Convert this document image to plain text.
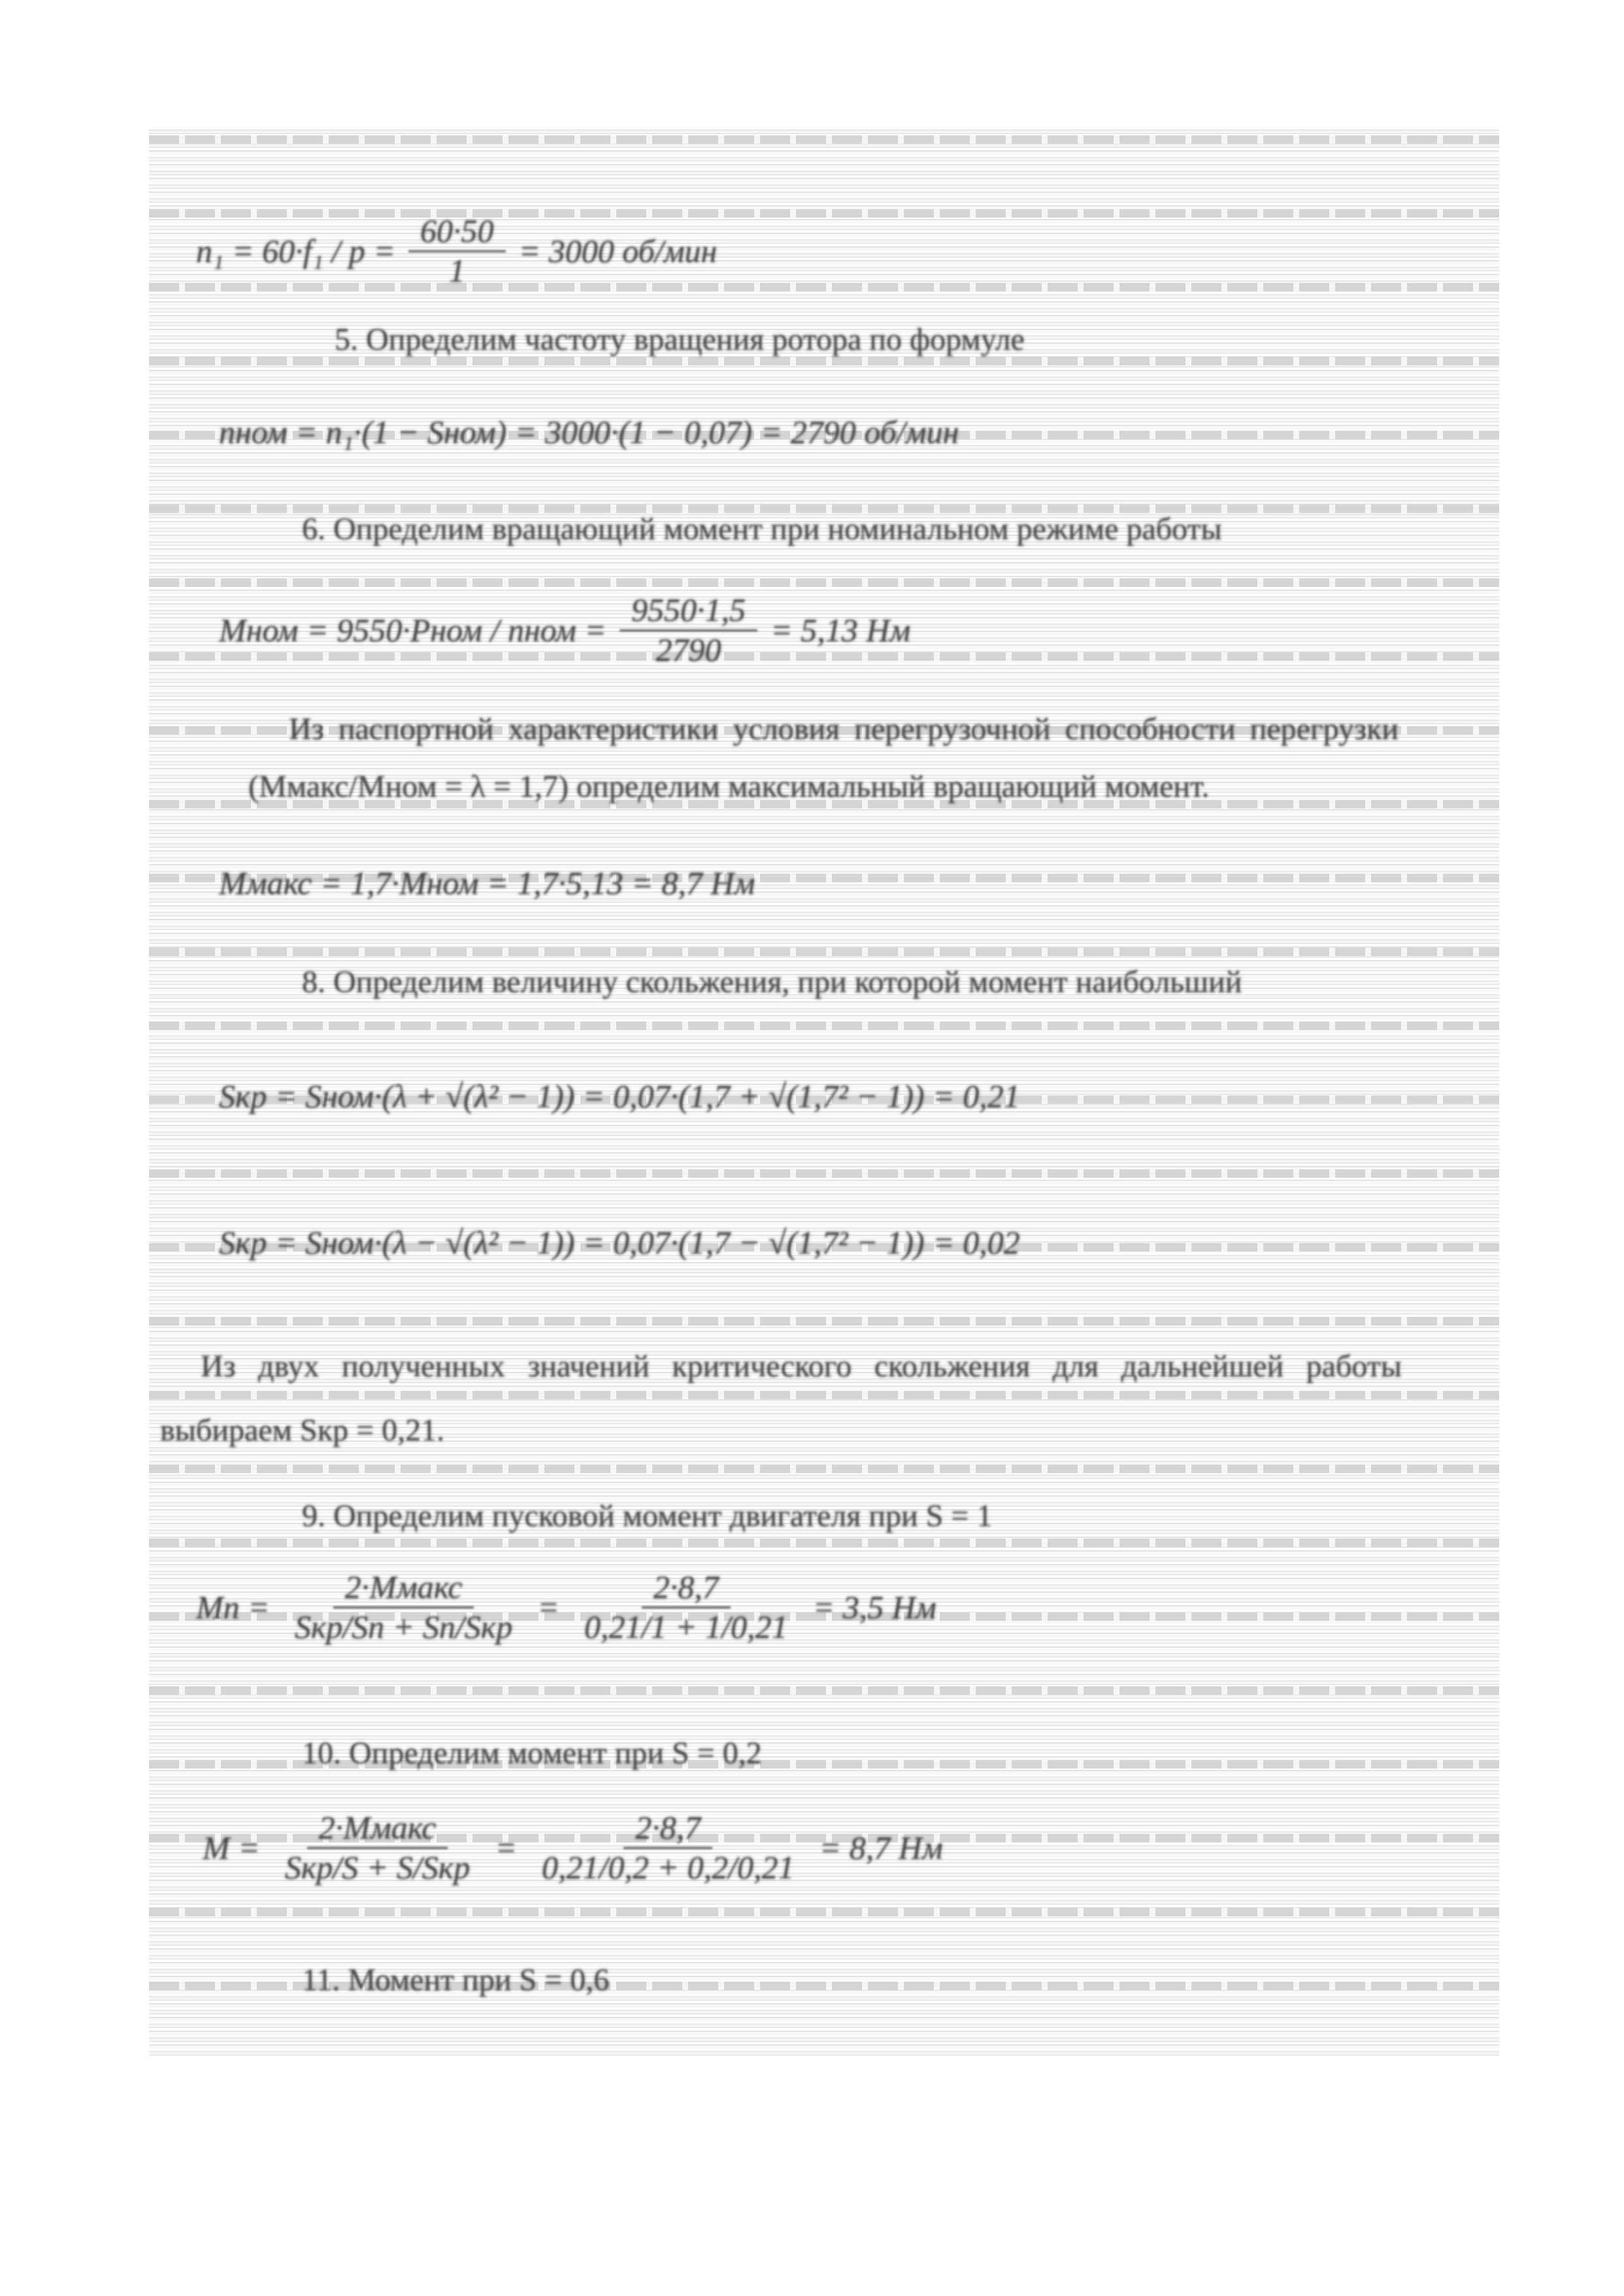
$n_1 = 60\cdot f_1 / p = \frac{60\cdot 50}{1} = 3000$ об/мин
5. Определим частоту вращения ротора по формуле
nном = n₁·(1 − Sном) = 3000·(1 − 0,07) = 2790 об/мин
6. Определим вращающий момент при номинальном режиме работы
Мном = 9550·Рном / nном = $\frac{9550\cdot 1,5}{2790} = 5,13$ Нм
Из паспортной характеристики условия перегрузочной способности перегрузки (Ммакс/Мном = λ = 1,7) определим максимальный вращающий момент.
Ммакс = 1,7·Мном = 1,7·5,13 = 8,7 Нм
8. Определим величину скольжения, при которой момент наибольший
Sкр = Sном·(λ + √(λ² − 1)) = 0,07·(1,7 + √(1,7² − 1)) = 0,21
Sкр = Sном·(λ − √(λ² − 1)) = 0,07·(1,7 − √(1,7² − 1)) = 0,02
Из двух полученных значений критического скольжения для дальнейшей работы выбираем Sкр = 0,21.
9. Определим пусковой момент двигателя при S = 1
Мп = $\frac{\text{2·Ммакс}}{\text{Sкр/Sп + Sп/Sкр}} = \frac{2\cdot 8,7}{0,21/1 + 1/0,21} = 3,5$ Нм
10. Определим момент при S = 0,2
$М = \frac{\text{2·Ммакс}}{\text{Sкр/S + S/Sкр}} = \frac{2\cdot 8,7}{0,21/0,2 + 0,2/0,21} = 8,7$ Нм
11. Момент при S = 0,6
